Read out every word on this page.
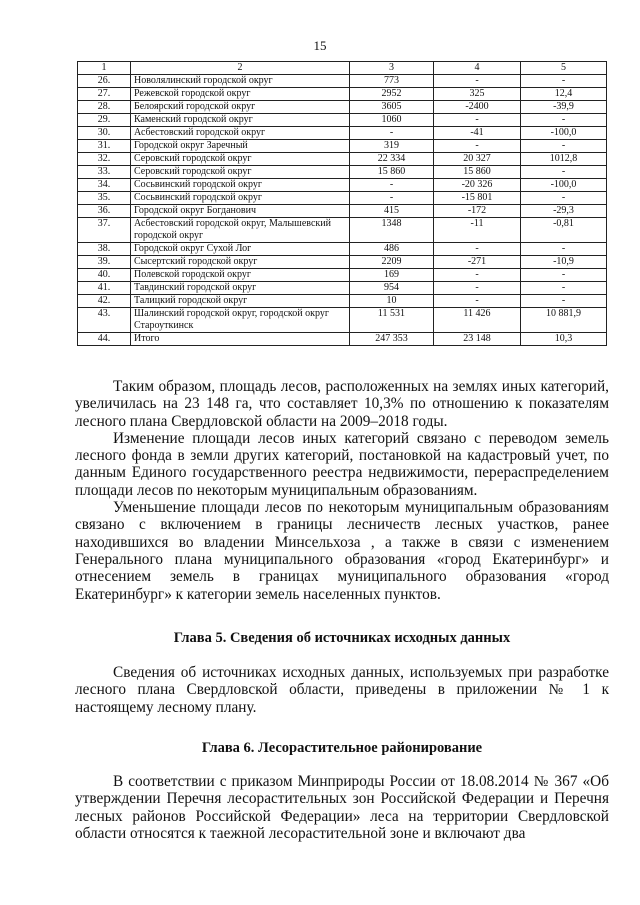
15
1	2	3	4	5
26.	Новолялинский городской округ	773	-	-
27.	Режевской городской округ	2952	325	12,4
28.	Белоярский городской округ	3605	-2400	-39,9
29.	Каменский городской округ	1060	-	-
30.	Асбестовский городской округ	-	-41	-100,0
31.	Городской округ Заречный	319	-	-
32.	Серовский городской округ	22 334	20 327	1012,8
33.	Серовский городской округ	15 860	15 860	-
34.	Сосьвинский городской округ	-	-20 326	-100,0
35.	Сосьвинский городской округ	-	-15 801	-
36.	Городской округ Богданович	415	-172	-29,3
37.	Асбестовский городской округ, Малышевский городской округ	1348	-11	-0,81
38.	Городской округ Сухой Лог	486	-	-
39.	Сысертский городской округ	2209	-271	-10,9
40.	Полевской городской округ	169	-	-
41.	Тавдинский городской округ	954	-	-
42.	Талицкий городской округ	10	-	-
43.	Шалинский городской округ, городской округ Староуткинск	11 531	11 426	10 881,9
44.	Итого	247 353	23 148	10,3

Таким образом, площадь лесов, расположенных на землях иных категорий, увеличилась на 23 148 га, что составляет 10,3% по отношению к показателям лесного плана Свердловской области на 2009–2018 годы.

Изменение площади лесов иных категорий связано с переводом земель лесного фонда в земли других категорий, постановкой на кадастровый учет, по данным Единого государственного реестра недвижимости, перераспределением площади лесов по некоторым муниципальным образованиям.

Уменьшение площади лесов по некоторым муниципальным образованиям связано с включением в границы лесничеств лесных участков, ранее находившихся во владении Минсельхоза , а также в связи с изменением Генерального плана муниципального образования «город Екатеринбург» и отнесением земель в границах муниципального образования «город Екатеринбург» к категории земель населенных пунктов.

Глава 5. Сведения об источниках исходных данных

Сведения об источниках исходных данных, используемых при разработке лесного плана Свердловской области, приведены в приложении № 1 к настоящему лесному плану.

Глава 6. Лесорастительное районирование

В соответствии с приказом Минприроды России от 18.08.2014 № 367 «Об утверждении Перечня лесорастительных зон Российской Федерации и Перечня лесных районов Российской Федерации» леса на территории Свердловской области относятся к таежной лесорастительной зоне и включают два
